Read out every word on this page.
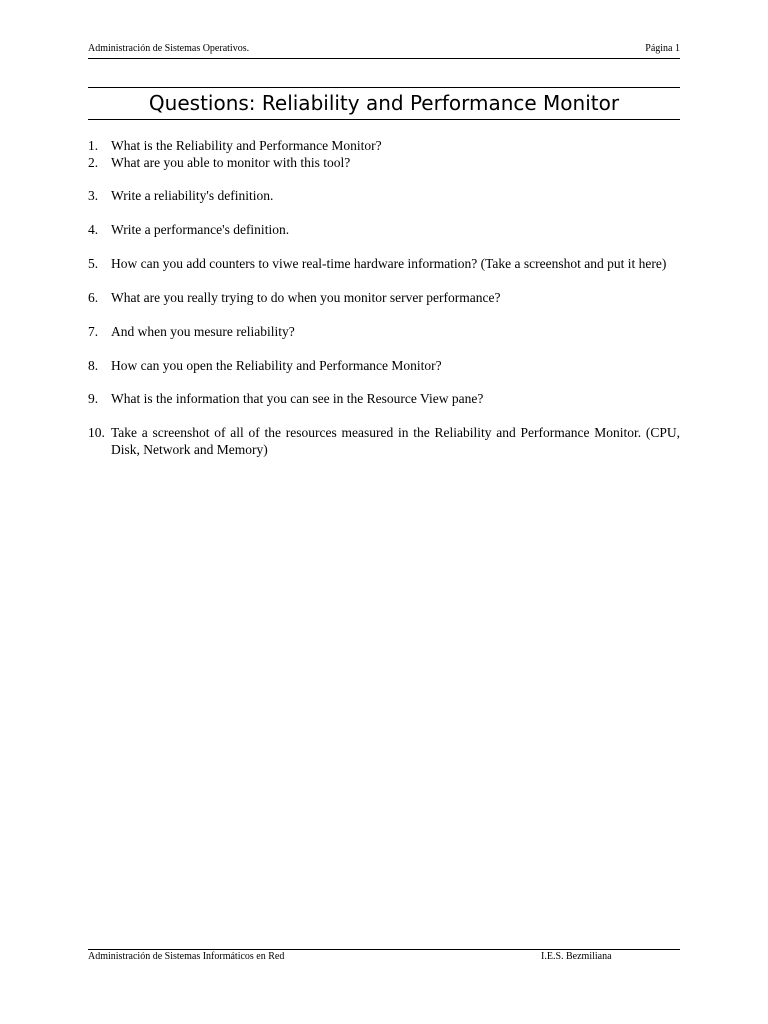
Administración de Sistemas Operativos.	Página 1
Questions: Reliability and Performance Monitor
1. What is the Reliability and Performance Monitor?
2. What are you able to monitor with this tool?
3. Write a reliability's definition.
4. Write a performance's definition.
5. How can you add counters to viwe real-time hardware information? (Take a screenshot and put it here)
6. What are you really trying to do when you monitor server performance?
7. And when you mesure reliability?
8. How can you open the Reliability and Performance Monitor?
9. What is the information that you can see in the Resource View pane?
10. Take a screenshot of all of the resources measured in the Reliability and Performance Monitor. (CPU, Disk, Network and Memory)
Administración de Sistemas Informáticos en Red	I.E.S. Bezmiliana
